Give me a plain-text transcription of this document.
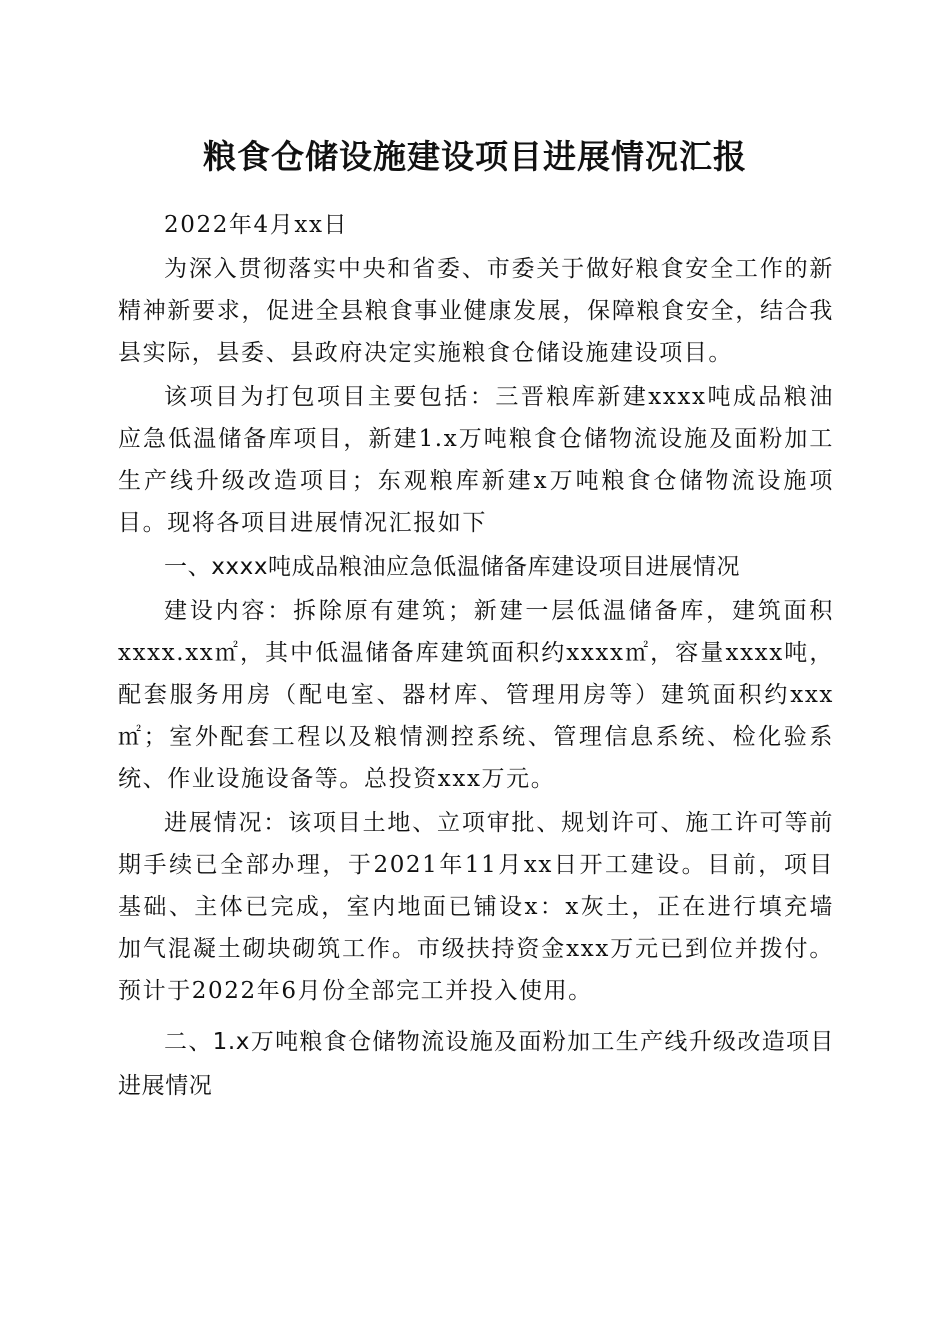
粮食仓储设施建设项目进展情况汇报

2022年4月xx日

为深入贯彻落实中央和省委、市委关于做好粮食安全工作的新精神新要求，促进全县粮食事业健康发展，保障粮食安全，结合我县实际，县委、县政府决定实施粮食仓储设施建设项目。

该项目为打包项目主要包括：三晋粮库新建xxxx吨成品粮油应急低温储备库项目，新建1.x万吨粮食仓储物流设施及面粉加工生产线升级改造项目；东观粮库新建x万吨粮食仓储物流设施项目。现将各项目进展情况汇报如下

一、xxxx吨成品粮油应急低温储备库建设项目进展情况

建设内容：拆除原有建筑；新建一层低温储备库，建筑面积xxxx.xx㎡，其中低温储备库建筑面积约xxxx㎡，容量xxxx吨，配套服务用房（配电室、器材库、管理用房等）建筑面积约xxx㎡；室外配套工程以及粮情测控系统、管理信息系统、检化验系统、作业设施设备等。总投资xxx万元。

进展情况：该项目土地、立项审批、规划许可、施工许可等前期手续已全部办理，于2021年11月xx日开工建设。目前，项目基础、主体已完成，室内地面已铺设x：x灰土，正在进行填充墙加气混凝土砌块砌筑工作。市级扶持资金xxx万元已到位并拨付。预计于2022年6月份全部完工并投入使用。

二、1.x万吨粮食仓储物流设施及面粉加工生产线升级改造项目进展情况
